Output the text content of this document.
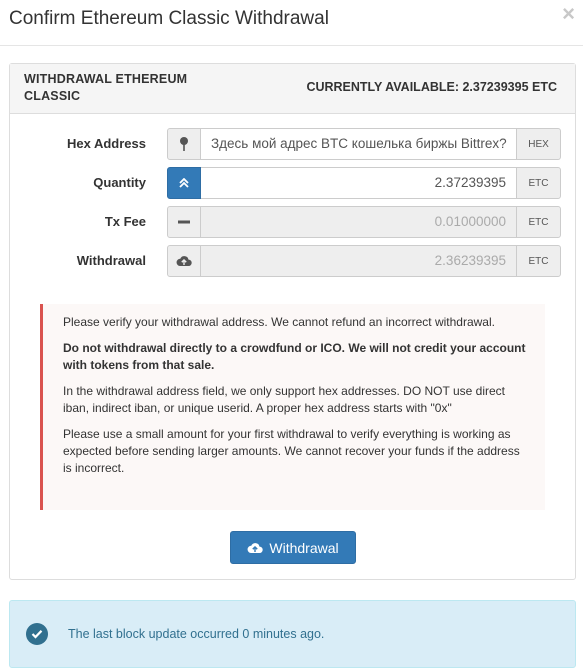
Confirm Ethereum Classic Withdrawal	×
WITHDRAWAL ETHEREUM CLASSIC
CURRENTLY AVAILABLE: 2.37239395 ETC
Hex Address	Здесь мой адрес BTC кошелька биржы Bittrex?	HEX
Quantity	2.37239395	ETC
Tx Fee	0.01000000	ETC
Withdrawal	2.36239395	ETC

Please verify your withdrawal address. We cannot refund an incorrect withdrawal.

Do not withdrawal directly to a crowdfund or ICO. We will not credit your account with tokens from that sale.

In the withdrawal address field, we only support hex addresses. DO NOT use direct iban, indirect iban, or unique userid. A proper hex address starts with "0x"

Please use a small amount for your first withdrawal to verify everything is working as expected before sending larger amounts. We cannot recover your funds if the address is incorrect.

Withdrawal
The last block update occurred 0 minutes ago.
